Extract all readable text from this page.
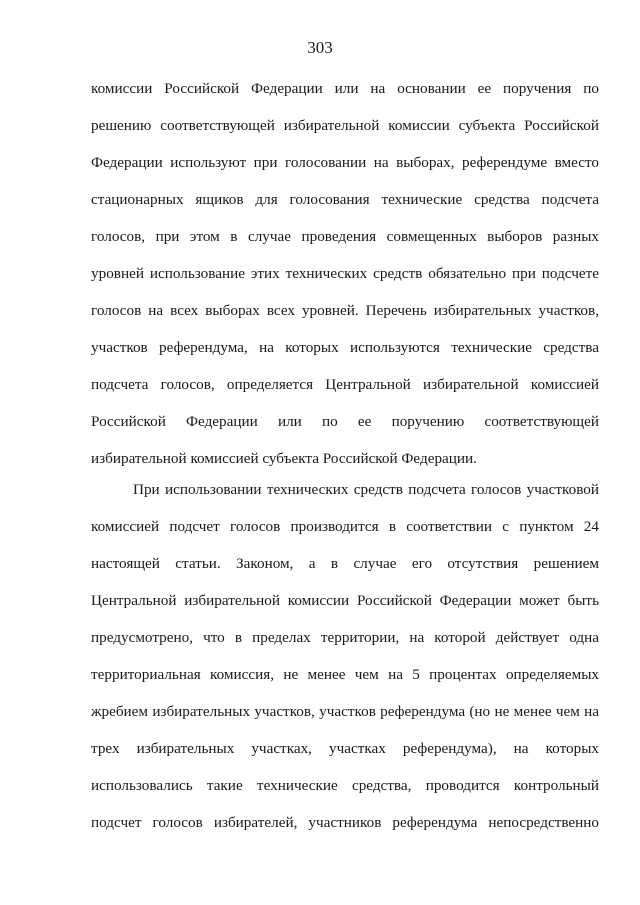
303
комиссии Российской Федерации или на основании ее поручения по
решению соответствующей избирательной комиссии субъекта Российской
Федерации используют при голосовании на выборах, референдуме вместо
стационарных ящиков для голосования технические средства подсчета
голосов, при этом в случае проведения совмещенных выборов разных
уровней использование этих технических средств обязательно при подсчете
голосов на всех выборах всех уровней. Перечень избирательных участков,
участков референдума, на которых используются технические средства
подсчета голосов, определяется Центральной избирательной комиссией
Российской Федерации или по ее поручению соответствующей
избирательной комиссией субъекта Российской Федерации.
При использовании технических средств подсчета голосов участковой
комиссией подсчет голосов производится в соответствии с пунктом 24
настоящей статьи. Законом, а в случае его отсутствия решением
Центральной избирательной комиссии Российской Федерации может быть
предусмотрено, что в пределах территории, на которой действует одна
территориальная комиссия, не менее чем на 5 процентах определяемых
жребием избирательных участков, участков референдума (но не менее чем на
трех избирательных участках, участках референдума), на которых
использовались такие технические средства, проводится контрольный
подсчет голосов избирателей, участников референдума непосредственно
